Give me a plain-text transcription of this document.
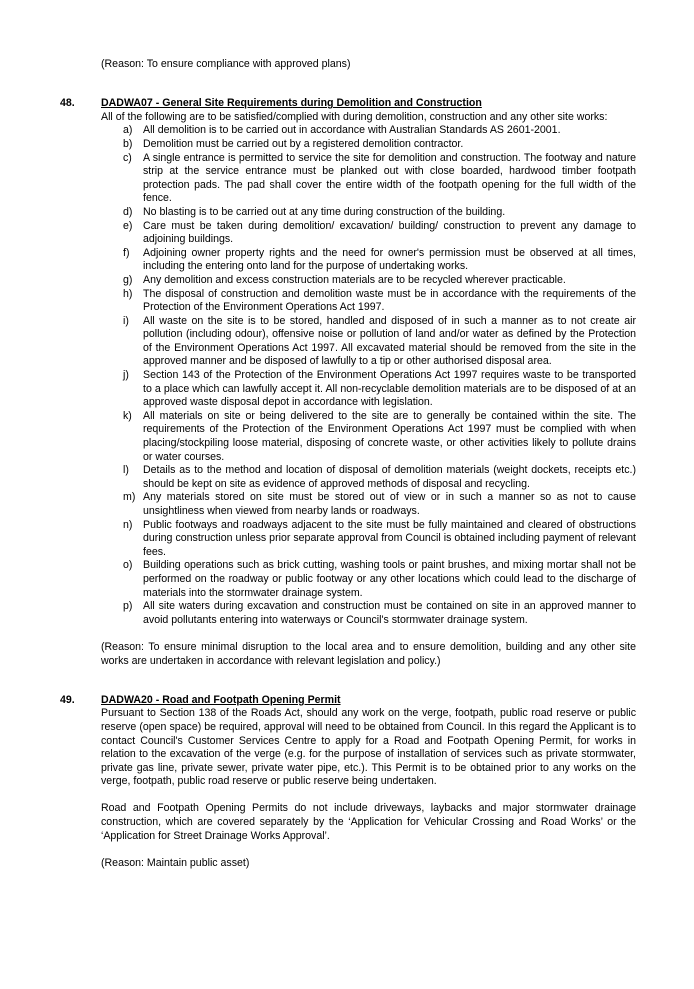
(Reason: To ensure compliance with approved plans)

48. DADWA07 - General Site Requirements during Demolition and Construction

All of the following are to be satisfied/complied with during demolition, construction and any other site works:

a) All demolition is to be carried out in accordance with Australian Standards AS 2601-2001.
b) Demolition must be carried out by a registered demolition contractor.
c) A single entrance is permitted to service the site for demolition and construction. The footway and nature strip at the service entrance must be planked out with close boarded, hardwood timber footpath protection pads. The pad shall cover the entire width of the footpath opening for the full width of the fence.
d) No blasting is to be carried out at any time during construction of the building.
e) Care must be taken during demolition/ excavation/ building/ construction to prevent any damage to adjoining buildings.
f) Adjoining owner property rights and the need for owner's permission must be observed at all times, including the entering onto land for the purpose of undertaking works.
g) Any demolition and excess construction materials are to be recycled wherever practicable.
h) The disposal of construction and demolition waste must be in accordance with the requirements of the Protection of the Environment Operations Act 1997.
i) All waste on the site is to be stored, handled and disposed of in such a manner as to not create air pollution (including odour), offensive noise or pollution of land and/or water as defined by the Protection of the Environment Operations Act 1997. All excavated material should be removed from the site in the approved manner and be disposed of lawfully to a tip or other authorised disposal area.
j) Section 143 of the Protection of the Environment Operations Act 1997 requires waste to be transported to a place which can lawfully accept it. All non-recyclable demolition materials are to be disposed of at an approved waste disposal depot in accordance with legislation.
k) All materials on site or being delivered to the site are to generally be contained within the site. The requirements of the Protection of the Environment Operations Act 1997 must be complied with when placing/stockpiling loose material, disposing of concrete waste, or other activities likely to pollute drains or water courses.
l) Details as to the method and location of disposal of demolition materials (weight dockets, receipts etc.) should be kept on site as evidence of approved methods of disposal and recycling.
m) Any materials stored on site must be stored out of view or in such a manner so as not to cause unsightliness when viewed from nearby lands or roadways.
n) Public footways and roadways adjacent to the site must be fully maintained and cleared of obstructions during construction unless prior separate approval from Council is obtained including payment of relevant fees.
o) Building operations such as brick cutting, washing tools or paint brushes, and mixing mortar shall not be performed on the roadway or public footway or any other locations which could lead to the discharge of materials into the stormwater drainage system.
p) All site waters during excavation and construction must be contained on site in an approved manner to avoid pollutants entering into waterways or Council's stormwater drainage system.

(Reason: To ensure minimal disruption to the local area and to ensure demolition, building and any other site works are undertaken in accordance with relevant legislation and policy.)

49. DADWA20 - Road and Footpath Opening Permit

Pursuant to Section 138 of the Roads Act, should any work on the verge, footpath, public road reserve or public reserve (open space) be required, approval will need to be obtained from Council. In this regard the Applicant is to contact Council's Customer Services Centre to apply for a Road and Footpath Opening Permit, for works in relation to the excavation of the verge (e.g. for the purpose of installation of services such as private stormwater, private gas line, private sewer, private water pipe, etc.). This Permit is to be obtained prior to any works on the verge, footpath, public road reserve or public reserve being undertaken.

Road and Footpath Opening Permits do not include driveways, laybacks and major stormwater drainage construction, which are covered separately by the ‘Application for Vehicular Crossing and Road Works’ or the ‘Application for Street Drainage Works Approval’.

(Reason: Maintain public asset)
